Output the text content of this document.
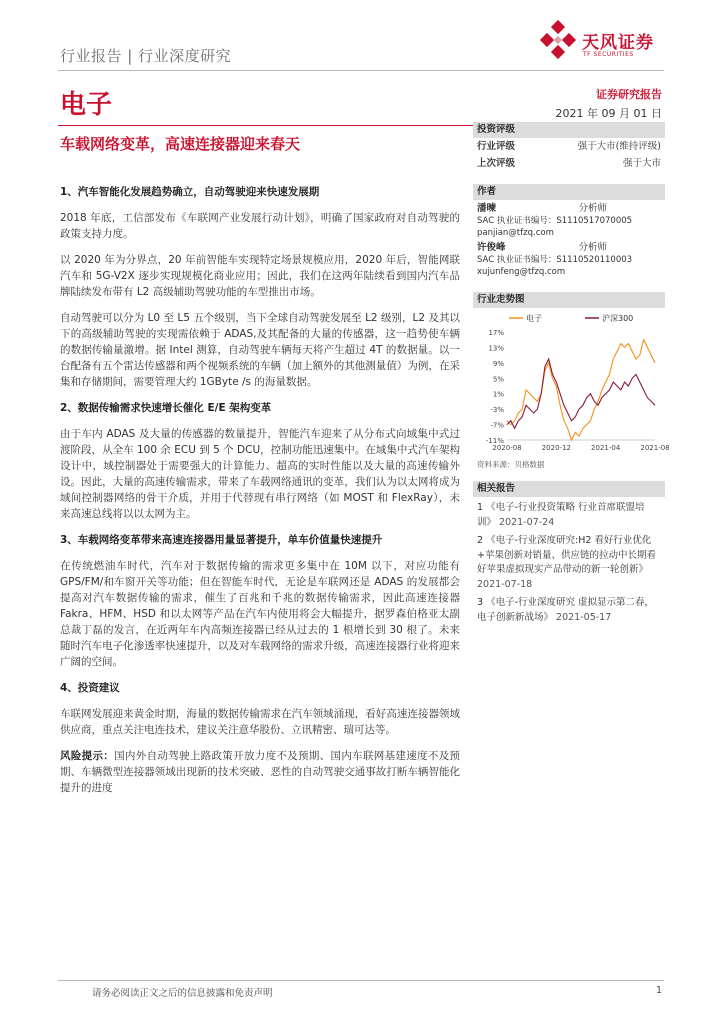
行业报告 | 行业深度研究
天风证券
TF SECURITIES
电子	证券研究报告
2021 年 09 月 01 日
车载网络变革，高速连接器迎来春天
1、汽车智能化发展趋势确立，自动驾驶迎来快速发展期

2018 年底，工信部发布《车联网产业发展行动计划》，明确了国家政府对自动驾驶的政策支持力度。

以 2020 年为分界点，20 年前智能车实现特定场景规模应用，2020 年后，智能网联汽车和 5G-V2X 逐步实现规模化商业应用；因此，我们在这两年陆续看到国内汽车品牌陆续发布带有 L2 高级辅助驾驶功能的车型推出市场。

自动驾驶可以分为 L0 至 L5 五个级别，当下全球自动驾驶发展至 L2 级别，L2 及其以下的高级辅助驾驶的实现需依赖于 ADAS,及其配备的大量的传感器，这一趋势使车辆的数据传输量激增。据 Intel 测算，自动驾驶车辆每天将产生超过 4T 的数据量。以一台配备有五个雷达传感器和两个视频系统的车辆（加上额外的其他测量值）为例，在采集和存储期间，需要管理大约 1GByte /s 的海量数据。

2、数据传输需求快速增长催化 E/E 架构变革

由于车内 ADAS 及大量的传感器的数量提升，智能汽车迎来了从分布式向域集中式过渡阶段，从全车 100 余 ECU 到 5 个 DCU，控制功能迅速集中。在域集中式汽车架构设计中，域控制器处于需要强大的计算能力、超高的实时性能以及大量的高速传输外设。因此，大量的高速传输需求，带来了车载网络通讯的变革，我们认为以太网将成为域间控制器网络的骨干介质，并用于代替现有串行网络（如 MOST 和 FlexRay），未来高速总线将以以太网为主。

3、车载网络变革带来高速连接器用量显著提升，单车价值量快速提升

在传统燃油车时代，汽车对于数据传输的需求更多集中在 10M 以下，对应功能有 GPS/FM/和车窗开关等功能；但在智能车时代，无论是车联网还是 ADAS 的发展都会提高对汽车数据传输的需求，催生了百兆和千兆的数据传输需求，因此高速连接器 Fakra、HFM、HSD 和以太网等产品在汽车内使用将会大幅提升，据罗森伯格亚太副总裁丁磊的发言，在近两年车内高频连接器已经从过去的 1 根增长到 30 根了。未来随时汽车电子化渗透率快速提升，以及对车载网络的需求升级，高速连接器行业将迎来广阔的空间。

4、投资建议

车联网发展迎来黄金时期，海量的数据传输需求在汽车领域涌现，看好高速连接器领域供应商，重点关注电连技术，建议关注意华股份、立讯精密、瑞可达等。

风险提示：国内外自动驾驶上路政策开放力度不及预期、国内车联网基建速度不及预期、车辆微型连接器领域出现新的技术突破、恶性的自动驾驶交通事故打断车辆智能化提升的进度

投资评级
行业评级	强于大市(维持评级)
上次评级	强于大市
作者
潘暕	分析师
SAC 执业证书编号：S1110517070005
panjian@tfzq.com
许俊峰	分析师
SAC 执业证书编号：S1110520110003
xujunfeng@tfzq.com
行业走势图
电子	沪深300
17%
13%
9%
5%
1%
-3%
-7%
-11%
2020-08	2020-12	2021-04	2021-08
资料来源：贝格数据
相关报告
1 《电子-行业投资策略 行业首席联盟培训》 2021-07-24
2 《电子-行业深度研究:H2 看好行业优化+苹果创新对销量、供应链的拉动中长期看好苹果虚拟现实产品带动的新一轮创新》 2021-07-18
3 《电子-行业深度研究 虚拟显示第二春，电子创新新战场》 2021-05-17
请务必阅读正文之后的信息披露和免责声明	1
